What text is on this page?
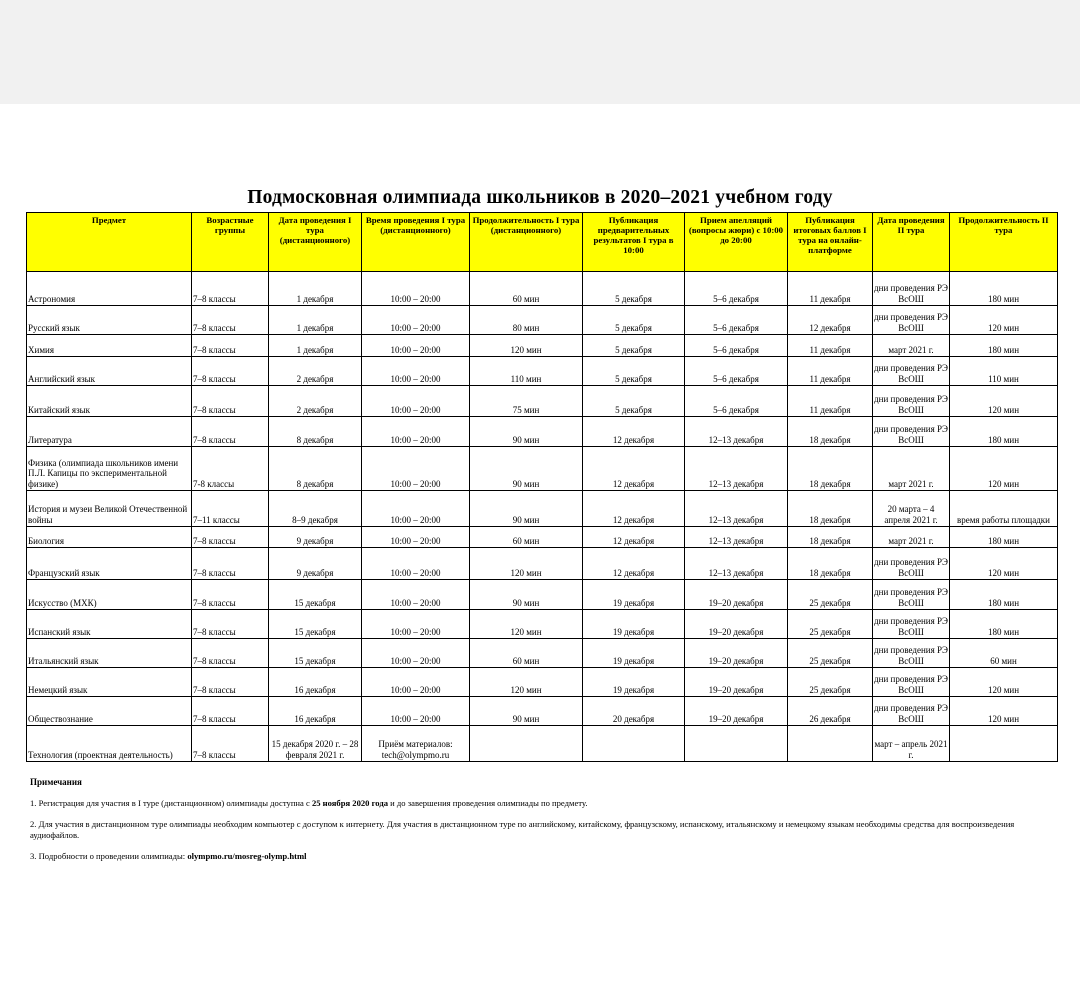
Подмосковная олимпиада школьников в 2020–2021 учебном году
Предмет	Возрастные группы	Дата проведения I тура (дистанционного)	Время проведения I тура (дистанционного)	Продолжительность I тура (дистанционного)	Публикация предварительных результатов I тура в 10:00	Прием апелляций (вопросы жюри) с 10:00 до 20:00	Публикация итоговых баллов I тура на онлайн-платформе	Дата проведения II тура	Продолжительность II тура
Астрономия	7–8 классы	1 декабря	10:00 – 20:00	60 мин	5 декабря	5–6 декабря	11 декабря	дни проведения РЭ ВсОШ	180 мин
Русский язык	7–8 классы	1 декабря	10:00 – 20:00	80 мин	5 декабря	5–6 декабря	12 декабря	дни проведения РЭ ВсОШ	120 мин
Химия	7–8 классы	1 декабря	10:00 – 20:00	120 мин	5 декабря	5–6 декабря	11 декабря	март 2021 г.	180 мин
Английский язык	7–8 классы	2 декабря	10:00 – 20:00	110 мин	5 декабря	5–6 декабря	11 декабря	дни проведения РЭ ВсОШ	110 мин
Китайский язык	7–8 классы	2 декабря	10:00 – 20:00	75 мин	5 декабря	5–6 декабря	11 декабря	дни проведения РЭ ВсОШ	120 мин
Литература	7–8 классы	8 декабря	10:00 – 20:00	90 мин	12 декабря	12–13 декабря	18 декабря	дни проведения РЭ ВсОШ	180 мин
Физика (олимпиада школьников имени П.Л. Капицы по экспериментальной физике)	7-8 классы	8 декабря	10:00 – 20:00	90 мин	12 декабря	12–13 декабря	18 декабря	март 2021 г.	120 мин
История и музеи Великой Отечественной войны	7–11 классы	8–9 декабря	10:00 – 20:00	90 мин	12 декабря	12–13 декабря	18 декабря	20 марта – 4 апреля 2021 г.	время работы площадки
Биология	7–8 классы	9 декабря	10:00 – 20:00	60 мин	12 декабря	12–13 декабря	18 декабря	март 2021 г.	180 мин
Французский язык	7–8 классы	9 декабря	10:00 – 20:00	120 мин	12 декабря	12–13 декабря	18 декабря	дни проведения РЭ ВсОШ	120 мин
Искусство (МХК)	7–8 классы	15 декабря	10:00 – 20:00	90 мин	19 декабря	19–20 декабря	25 декабря	дни проведения РЭ ВсОШ	180 мин
Испанский язык	7–8 классы	15 декабря	10:00 – 20:00	120 мин	19 декабря	19–20 декабря	25 декабря	дни проведения РЭ ВсОШ	180 мин
Итальянский язык	7–8 классы	15 декабря	10:00 – 20:00	60 мин	19 декабря	19–20 декабря	25 декабря	дни проведения РЭ ВсОШ	60 мин
Немецкий язык	7–8 классы	16 декабря	10:00 – 20:00	120 мин	19 декабря	19–20 декабря	25 декабря	дни проведения РЭ ВсОШ	120 мин
Обществознание	7–8 классы	16 декабря	10:00 – 20:00	90 мин	20 декабря	19–20 декабря	26 декабря	дни проведения РЭ ВсОШ	120 мин
Технология (проектная деятельность)	7–8 классы	15 декабря 2020 г. – 28 февраля 2021 г.	Приём материалов: tech@olympmo.ru					март – апрель 2021 г.	
Примечания

1. Регистрация для участия в I туре (дистанционном) олимпиады доступна с 25 ноября 2020 года и до завершения проведения олимпиады по предмету.

2. Для участия в дистанционном туре олимпиады необходим компьютер с доступом к интернету. Для участия в дистанционном туре по английскому, китайскому, французскому, испанскому, итальянскому и немецкому языкам необходимы средства для воспроизведения аудиофайлов.

3. Подробности о проведении олимпиады: olympmo.ru/mosreg-olymp.html
